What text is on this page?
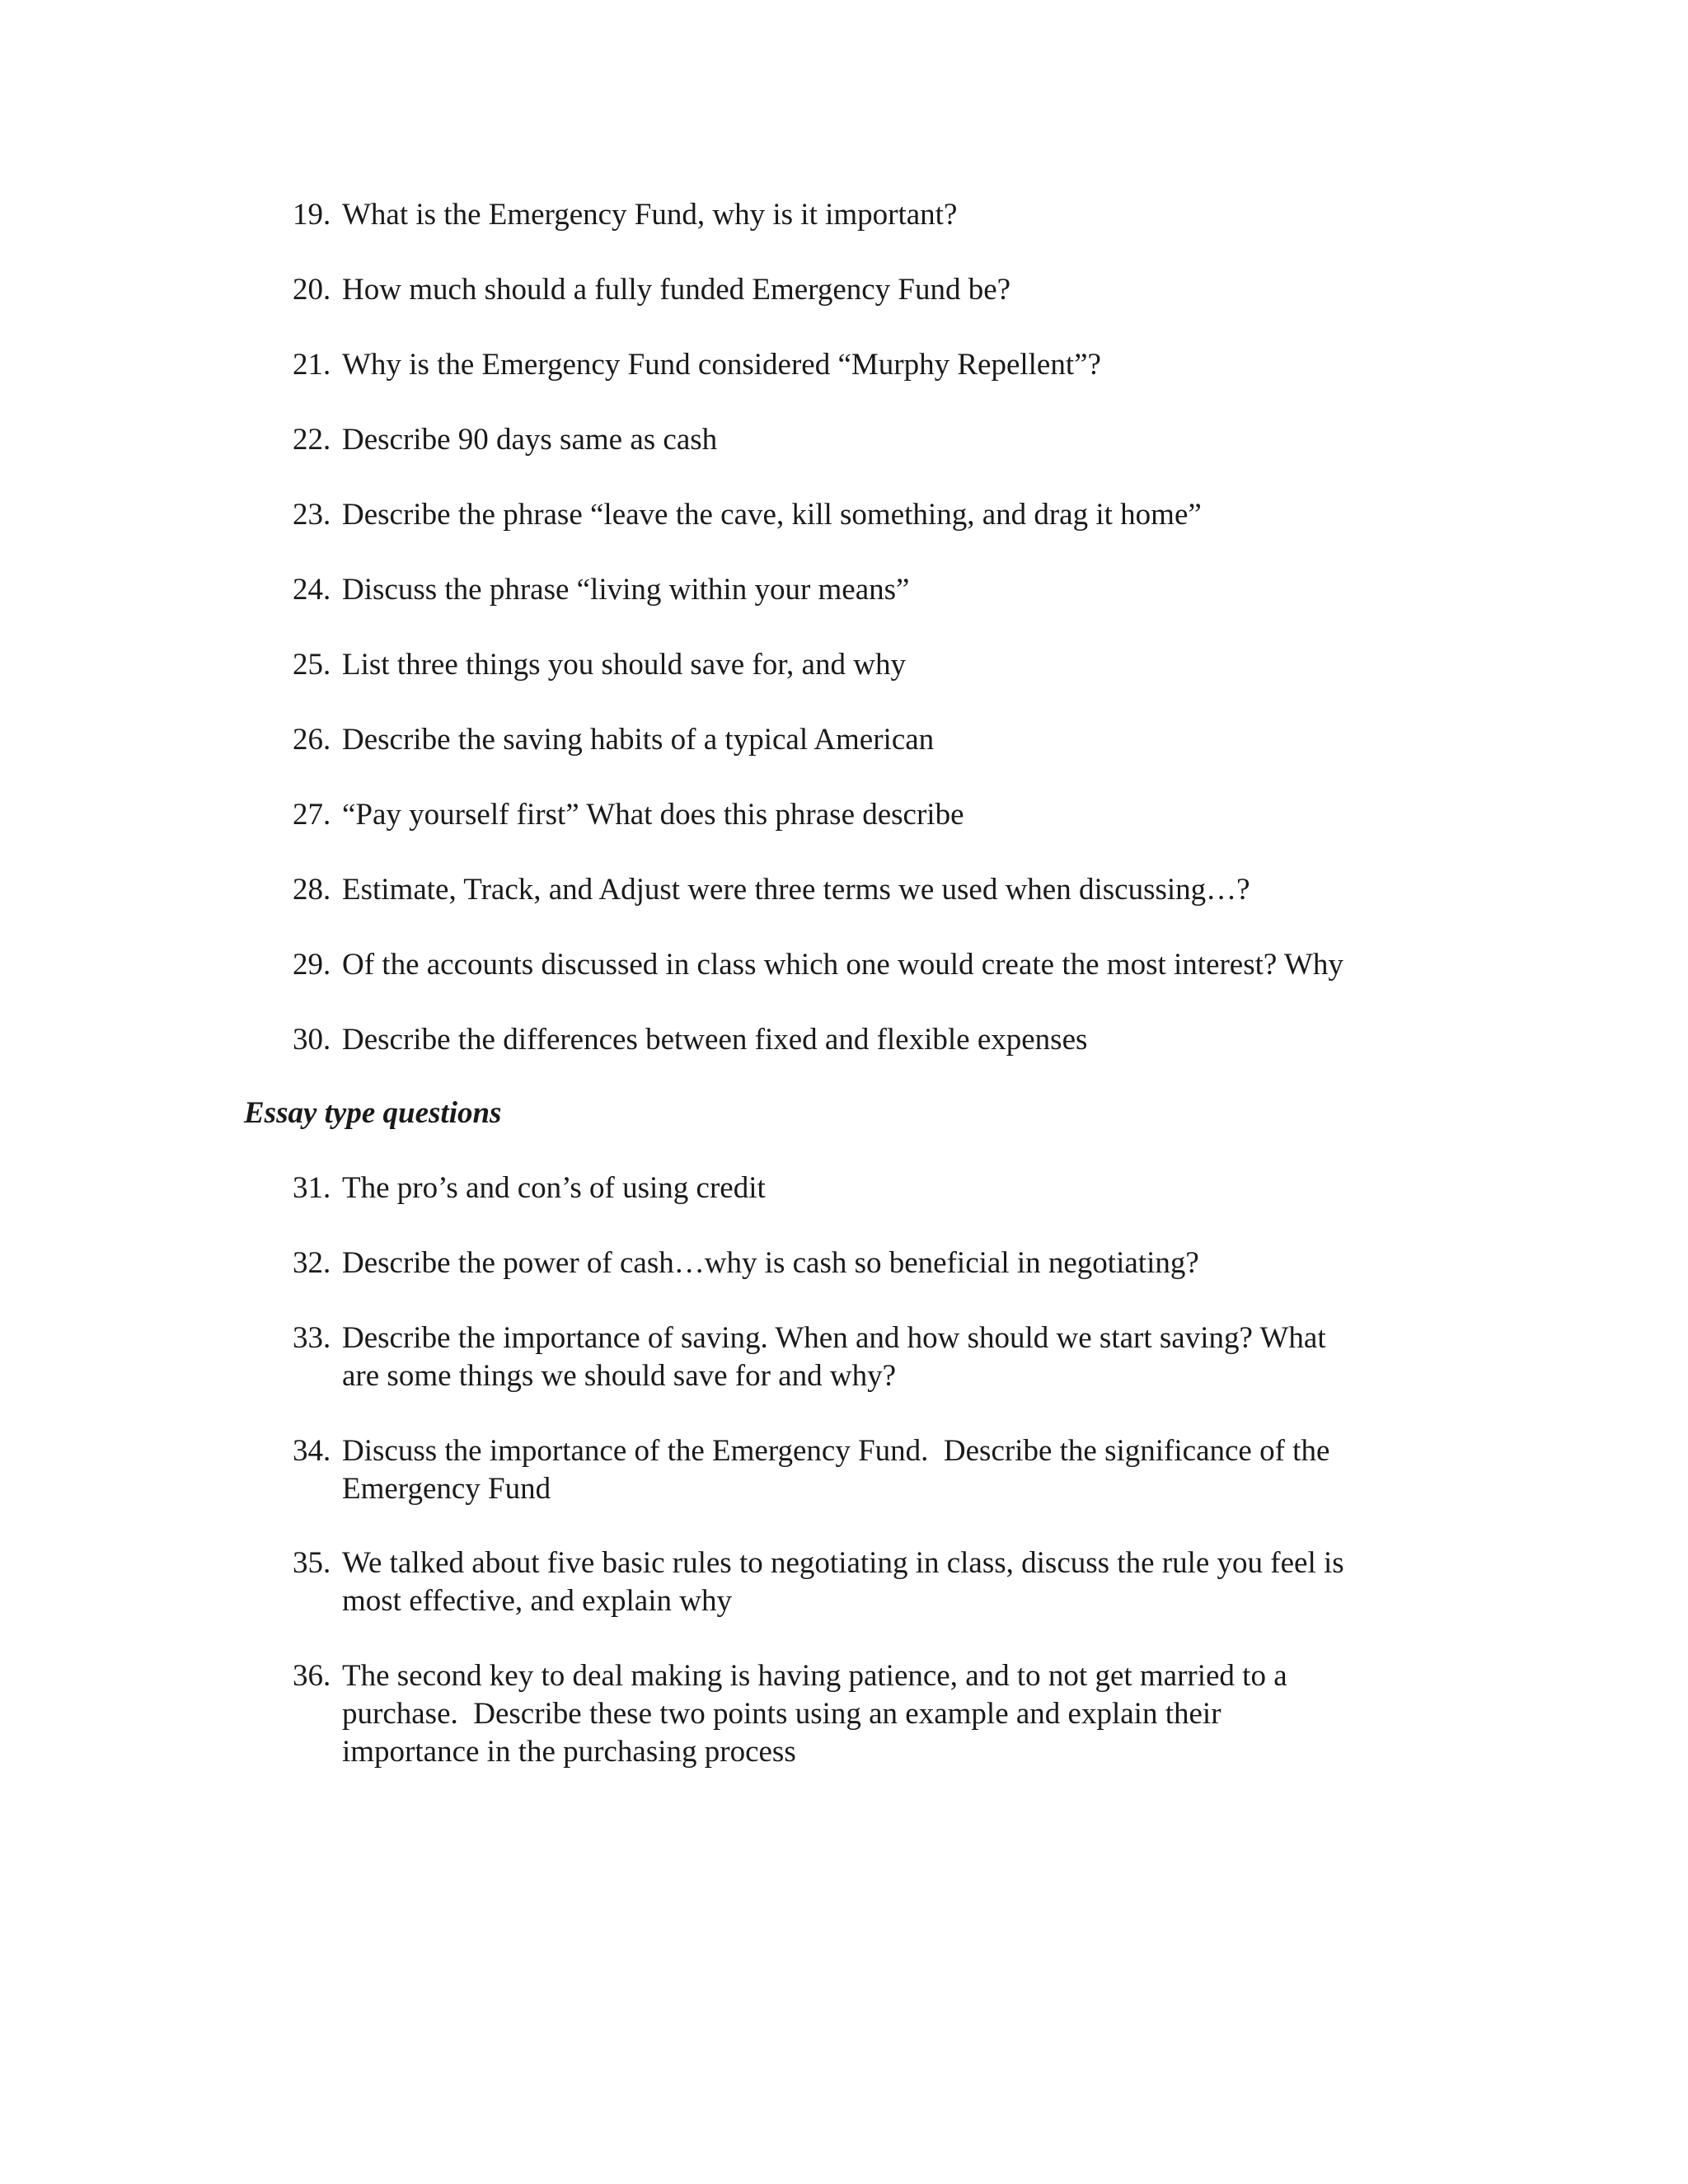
19. What is the Emergency Fund, why is it important?
20. How much should a fully funded Emergency Fund be?
21. Why is the Emergency Fund considered “Murphy Repellent”?
22. Describe 90 days same as cash
23. Describe the phrase “leave the cave, kill something, and drag it home”
24. Discuss the phrase “living within your means”
25. List three things you should save for, and why
26. Describe the saving habits of a typical American
27. “Pay yourself first” What does this phrase describe
28. Estimate, Track, and Adjust were three terms we used when discussing…?
29. Of the accounts discussed in class which one would create the most interest? Why
30. Describe the differences between fixed and flexible expenses
Essay type questions
31. The pro’s and con’s of using credit
32. Describe the power of cash…why is cash so beneficial in negotiating?
33. Describe the importance of saving. When and how should we start saving? What
are some things we should save for and why?
34. Discuss the importance of the Emergency Fund.  Describe the significance of the
Emergency Fund
35. We talked about five basic rules to negotiating in class, discuss the rule you feel is
most effective, and explain why
36. The second key to deal making is having patience, and to not get married to a
purchase.  Describe these two points using an example and explain their
importance in the purchasing process
